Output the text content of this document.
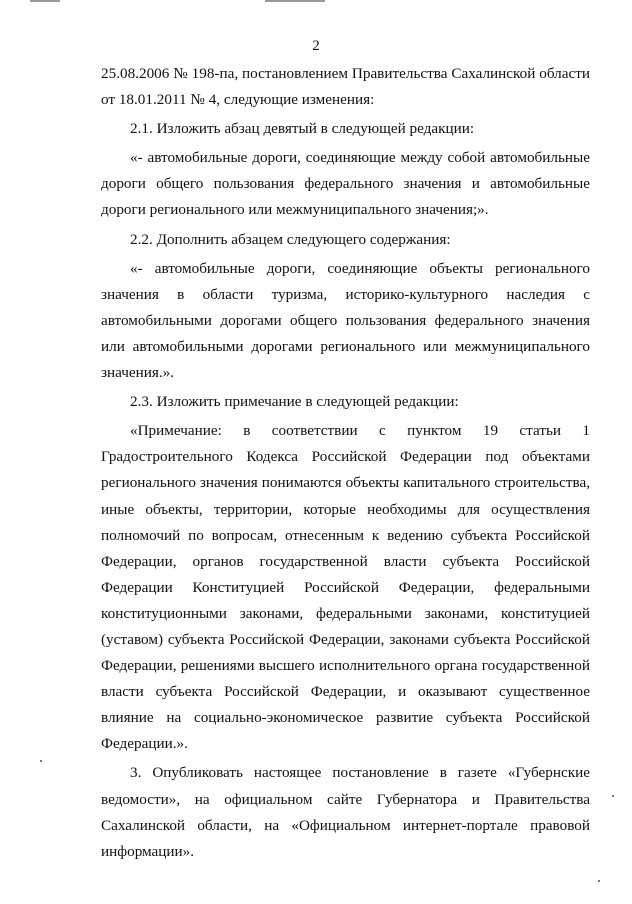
2

25.08.2006 № 198-па, постановлением Правительства Сахалинской области от 18.01.2011 № 4, следующие изменения:

2.1. Изложить абзац девятый в следующей редакции:

«- автомобильные дороги, соединяющие между собой автомобильные дороги общего пользования федерального значения и автомобильные дороги регионального или межмуниципального значения;».

2.2. Дополнить абзацем следующего содержания:

«- автомобильные дороги, соединяющие объекты регионального значения в области туризма, историко-культурного наследия с автомобильными дорогами общего пользования федерального значения или автомобильными дорогами регионального или межмуниципального значения.».

2.3. Изложить примечание в следующей редакции:

«Примечание: в соответствии с пунктом 19 статьи 1 Градостроительного Кодекса Российской Федерации под объектами регионального значения понимаются объекты капитального строительства, иные объекты, территории, которые необходимы для осуществления полномочий по вопросам, отнесенным к ведению субъекта Российской Федерации, органов государственной власти субъекта Российской Федерации Конституцией Российской Федерации, федеральными конституционными законами, федеральными законами, конституцией (уставом) субъекта Российской Федерации, законами субъекта Российской Федерации, решениями высшего исполнительного органа государственной власти субъекта Российской Федерации, и оказывают существенное влияние на социально-экономическое развитие субъекта Российской Федерации.».

3. Опубликовать настоящее постановление в газете «Губернские ведомости», на официальном сайте Губернатора и Правительства Сахалинской области, на «Официальном интернет-портале правовой информации».
